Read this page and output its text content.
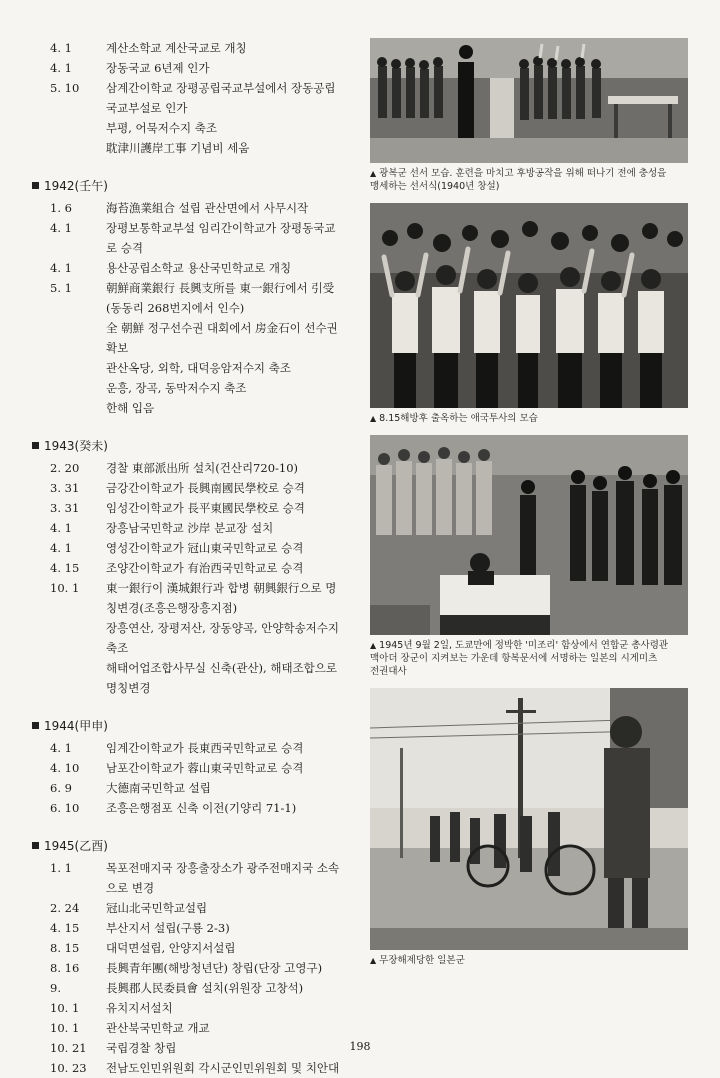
4. 1	계산소학교 계산국교로 개칭
4. 1	장동국교 6년제 인가
5. 10	삼계간이학교 장평공립국교부설에서 장동공립
국교부설로 인가
부평, 어묵저수지 축조
耽津川護岸工事 기념비 세움
1942(壬午)
1. 6	海苔漁業組合 설립 관산면에서 사무시작
4. 1	장평보통학교부설 임리간이학교가 장평동국교
로 승격
4. 1	용산공립소학교 용산국민학교로 개칭
5. 1	朝鮮商業銀行 長興支所를 東一銀行에서 引受
(동동리 268번지에서 인수)
全 朝鮮 정구선수권 대회에서 房金石이 선수권
확보
관산옥당, 외학, 대덕응암저수지 축조
운흥, 장곡, 동막저수지 축조
한해 입음
1943(癸未)
2. 20	경찰 東部派出所 설치(건산리720-10)
3. 31	금강간이학교가 長興南國民學校로 승격
3. 31	임성간이학교가 長平東國民學校로 승격
4. 1	장흥남국민학교 沙岸 분교장 설치
4. 1	영성간이학교가 冠山東국민학교로 승격
4. 15	조양간이학교가 有治西국민학교로 승격
10. 1	東一銀行이 漢城銀行과 합병 朝興銀行으로 명
칭변경(조흥은행장흥지점)
장흥연산, 장평저산, 장동양곡, 안양학송저수지
축조
해태어업조합사무실 신축(관산), 해태조합으로
명칭변경
1944(甲申)
4. 1	임계간이학교가 長東西국민학교로 승격
4. 10	남포간이학교가 蓉山東국민학교로 승격
6. 9	大德南국민학교 설립
6. 10	조흥은행점포 신축 이전(기양리 71-1)
1945(乙酉)
1. 1	목포전매지국 장흥출장소가 광주전매지국 소속
으로 변경
2. 24	冠山北국민학교설립
4. 15	부산지서 설립(구룡 2-3)
8. 15	대덕면설립, 안양지서설립
8. 16	長興青年團(해방청년단) 창립(단장 고영구)
9.	長興郡人民委員會 설치(위원장 고창석)
10. 1	유치지서설치
10. 1	관산북국민학교 개교
10. 21	국립경찰 창립
10. 23	전남도인민위원회 각시군인민위원회 및 치안대
▲ 광복군 선서 모습. 훈련을 마치고 후방공작을 위해 떠나기 전에 충성을
맹세하는 선서식(1940년 창설)
▲ 8.15해방후 출옥하는 애국투사의 모습
▲ 1945년 9월 2일, 도쿄만에 정박한 '미조리' 함상에서 연합군 총사령관
맥아더 장군이 지켜보는 가운데 항복문서에 서명하는 일본의 시게미츠
전권대사
▲ 무장해제당한 일본군
198
